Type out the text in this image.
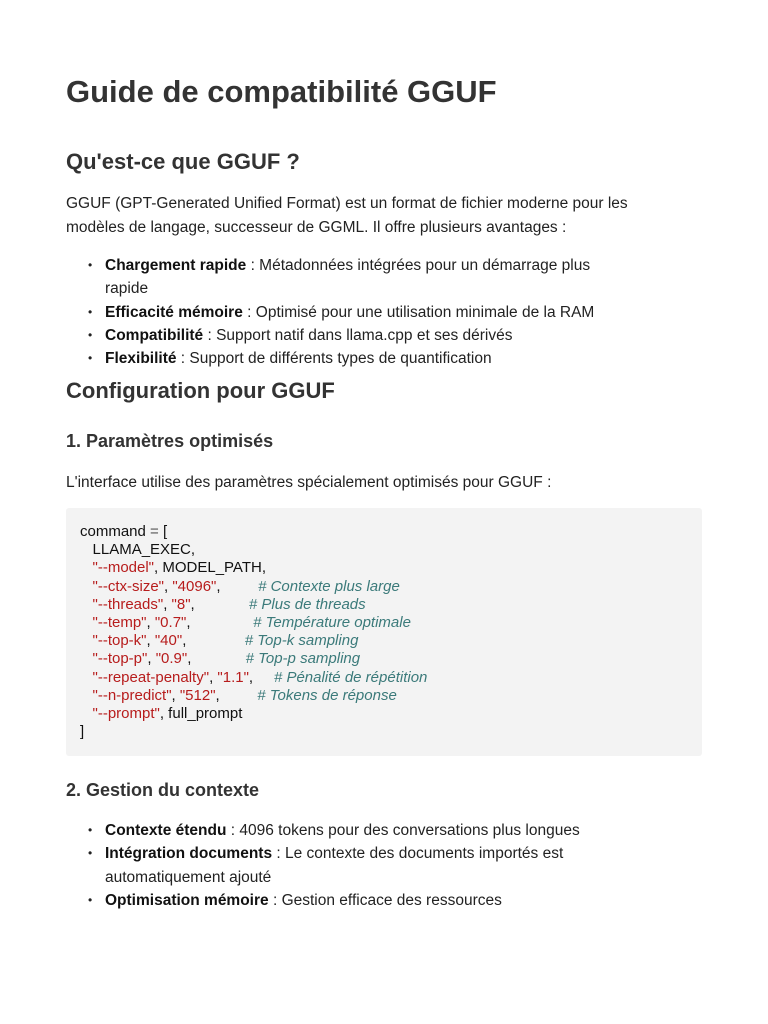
Guide de compatibilité GGUF
Qu'est-ce que GGUF ?

GGUF (GPT-Generated Unified Format) est un format de fichier moderne pour les
modèles de langage, successeur de GGML. Il offre plusieurs avantages :

• Chargement rapide : Métadonnées intégrées pour un démarrage plus rapide
• Efficacité mémoire : Optimisé pour une utilisation minimale de la RAM
• Compatibilité : Support natif dans llama.cpp et ses dérivés
• Flexibilité : Support de différents types de quantification
Configuration pour GGUF
1. Paramètres optimisés

L'interface utilise des paramètres spécialement optimisés pour GGUF :

command = [
LLAMA_EXEC,
"--model", MODEL_PATH,
"--ctx-size", "4096",	# Contexte plus large
"--threads", "8",	# Plus de threads
"--temp", "0.7",	# Température optimale
"--top-k", "40",	# Top-k sampling
"--top-p", "0.9",	# Top-p sampling
"--repeat-penalty", "1.1", # Pénalité de répétition
"--n-predict", "512",	# Tokens de réponse
"--prompt", full_prompt
]
2. Gestion du contexte
• Contexte étendu : 4096 tokens pour des conversations plus longues
• Intégration documents : Le contexte des documents importés est
automatiquement ajouté
• Optimisation mémoire : Gestion efficace des ressources
